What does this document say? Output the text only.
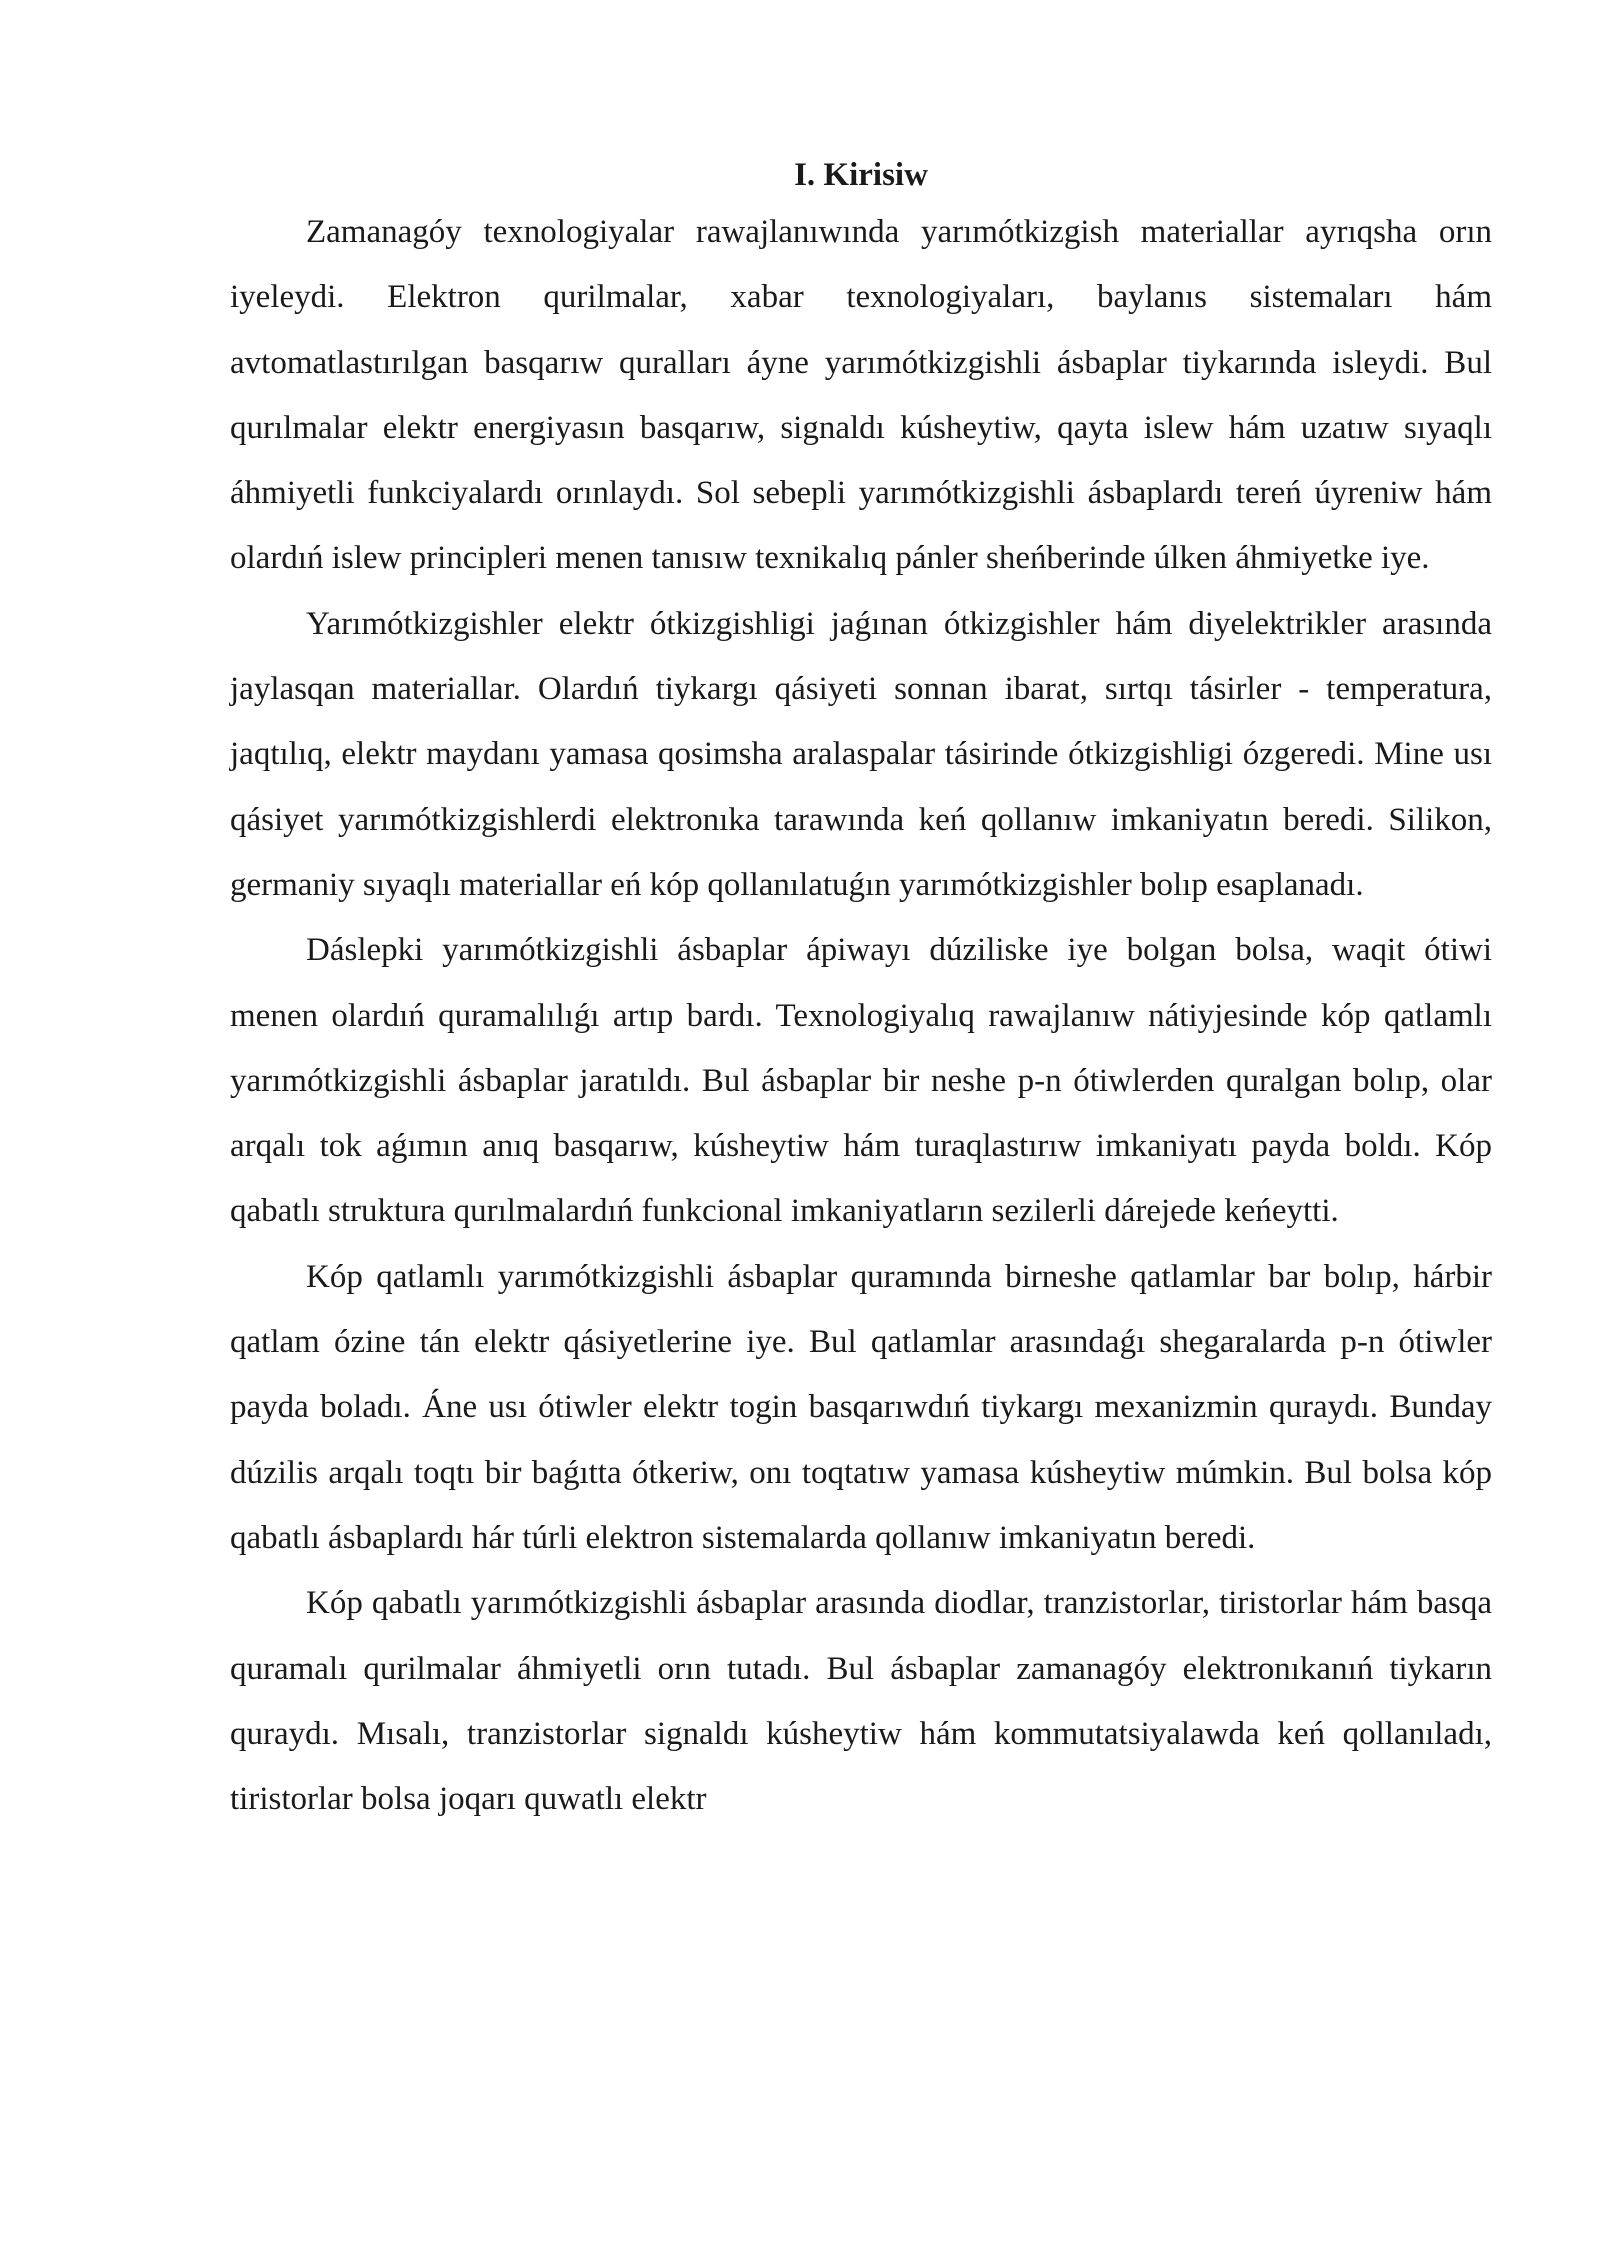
I. Kirisiw

Zamanagóy texnologiyalar rawajlanıwında yarımótkizgish materiallar ayrıqsha orın iyeleydi. Elektron qurilmalar, xabar texnologiyaları, baylanıs sistemaları hám avtomatlastırılgan basqarıw quralları áyne yarımótkizgishli ásbaplar tiykarında isleydi. Bul qurılmalar elektr energiyasın basqarıw, signaldı kúsheytiw, qayta islew hám uzatıw sıyaqlı áhmiyetli funkciyalardı orınlaydı. Sol sebepli yarımótkizgishli ásbaplardı tereń úyreniw hám olardıń islew principleri menen tanısıw texnikalıq pánler sheńberinde úlken áhmiyetke iye.

Yarımótkizgishler elektr ótkizgishligi jaǵınan ótkizgishler hám diyelektrikler arasında jaylasqan materiallar. Olardıń tiykargı qásiyeti sonnan ibarat, sırtqı tásirler - temperatura, jaqtılıq, elektr maydanı yamasa qosimsha aralaspalar tásirinde ótkizgishligi ózgeredi. Mine usı qásiyet yarımótkizgishlerdi elektronıka tarawında keń qollanıw imkaniyatın beredi. Silikon, germaniy sıyaqlı materiallar eń kóp qollanılatuǵın yarımótkizgishler bolıp esaplanadı.

Dáslepki yarımótkizgishli ásbaplar ápiwayı dúziliske iye bolgan bolsa, waqit ótiwi menen olardıń quramalılıǵı artıp bardı. Texnologiyalıq rawajlanıw nátiyjesinde kóp qatlamlı yarımótkizgishli ásbaplar jaratıldı. Bul ásbaplar bir neshe p-n ótiwlerden quralgan bolıp, olar arqalı tok aǵımın anıq basqarıw, kúsheytiw hám turaqlastırıw imkaniyatı payda boldı. Kóp qabatlı struktura qurılmalardıń funkcional imkaniyatların sezilerli dárejede keńeytti.

Kóp qatlamlı yarımótkizgishli ásbaplar quramında birneshe qatlamlar bar bolıp, hárbir qatlam ózine tán elektr qásiyetlerine iye. Bul qatlamlar arasındaǵı shegaralarda p-n ótiwler payda boladı. Áne usı ótiwler elektr togin basqarıwdıń tiykargı mexanizmin quraydı. Bunday dúzilis arqalı toqtı bir baǵıtta ótkeriw, onı toqtatıw yamasa kúsheytiw múmkin. Bul bolsa kóp qabatlı ásbaplardı hár túrli elektron sistemalarda qollanıw imkaniyatın beredi.

Kóp qabatlı yarımótkizgishli ásbaplar arasında diodlar, tranzistorlar, tiristorlar hám basqa quramalı qurilmalar áhmiyetli orın tutadı. Bul ásbaplar zamanagóy elektronıkanıń tiykarın quraydı. Mısalı, tranzistorlar signaldı kúsheytiw hám kommutatsiyalawda keń qollanıladı, tiristorlar bolsa joqarı quwatlı elektr
